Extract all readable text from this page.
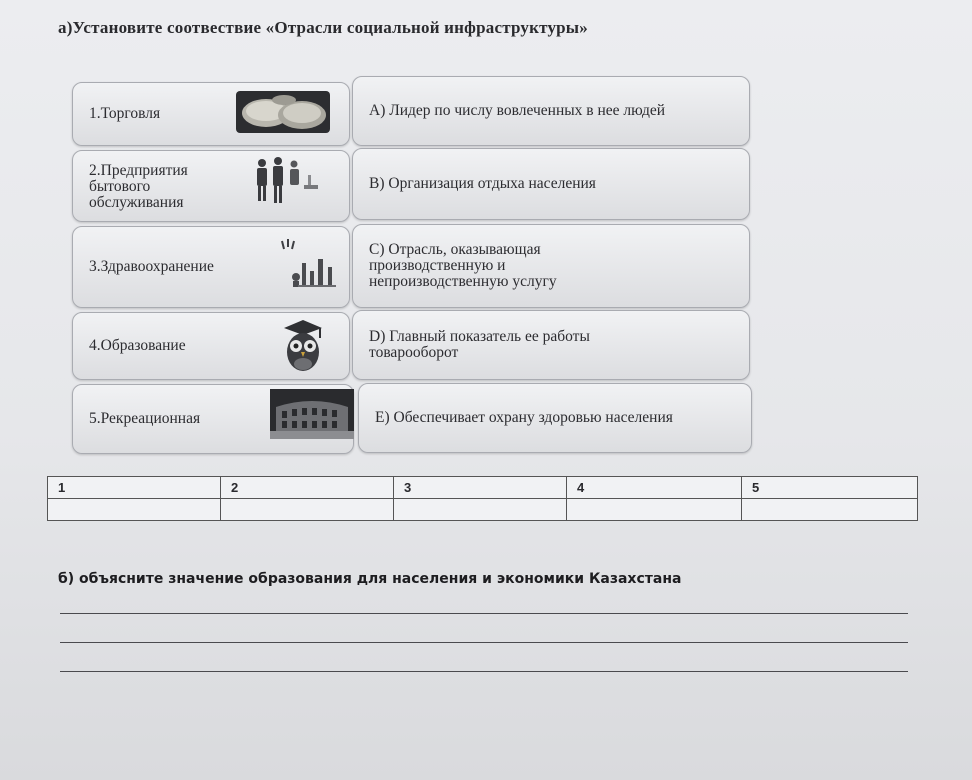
а)Установите соотвествие «Отрасли социальной инфраструктуры»
1.Торговля
2.Предприятия бытового обслуживания
3.Здравоохранение
4.Образование
5.Рекреационная
А) Лидер по числу вовлеченных в нее людей
В) Организация отдыха населения
С) Отрасль, оказывающая производственную и непроизводственную услугу
D) Главный показатель ее работы товарооборот
Е) Обеспечивает охрану здоровью населения
1	2	3	4	5

б) объясните значение образования для населения и экономики Казахстана
